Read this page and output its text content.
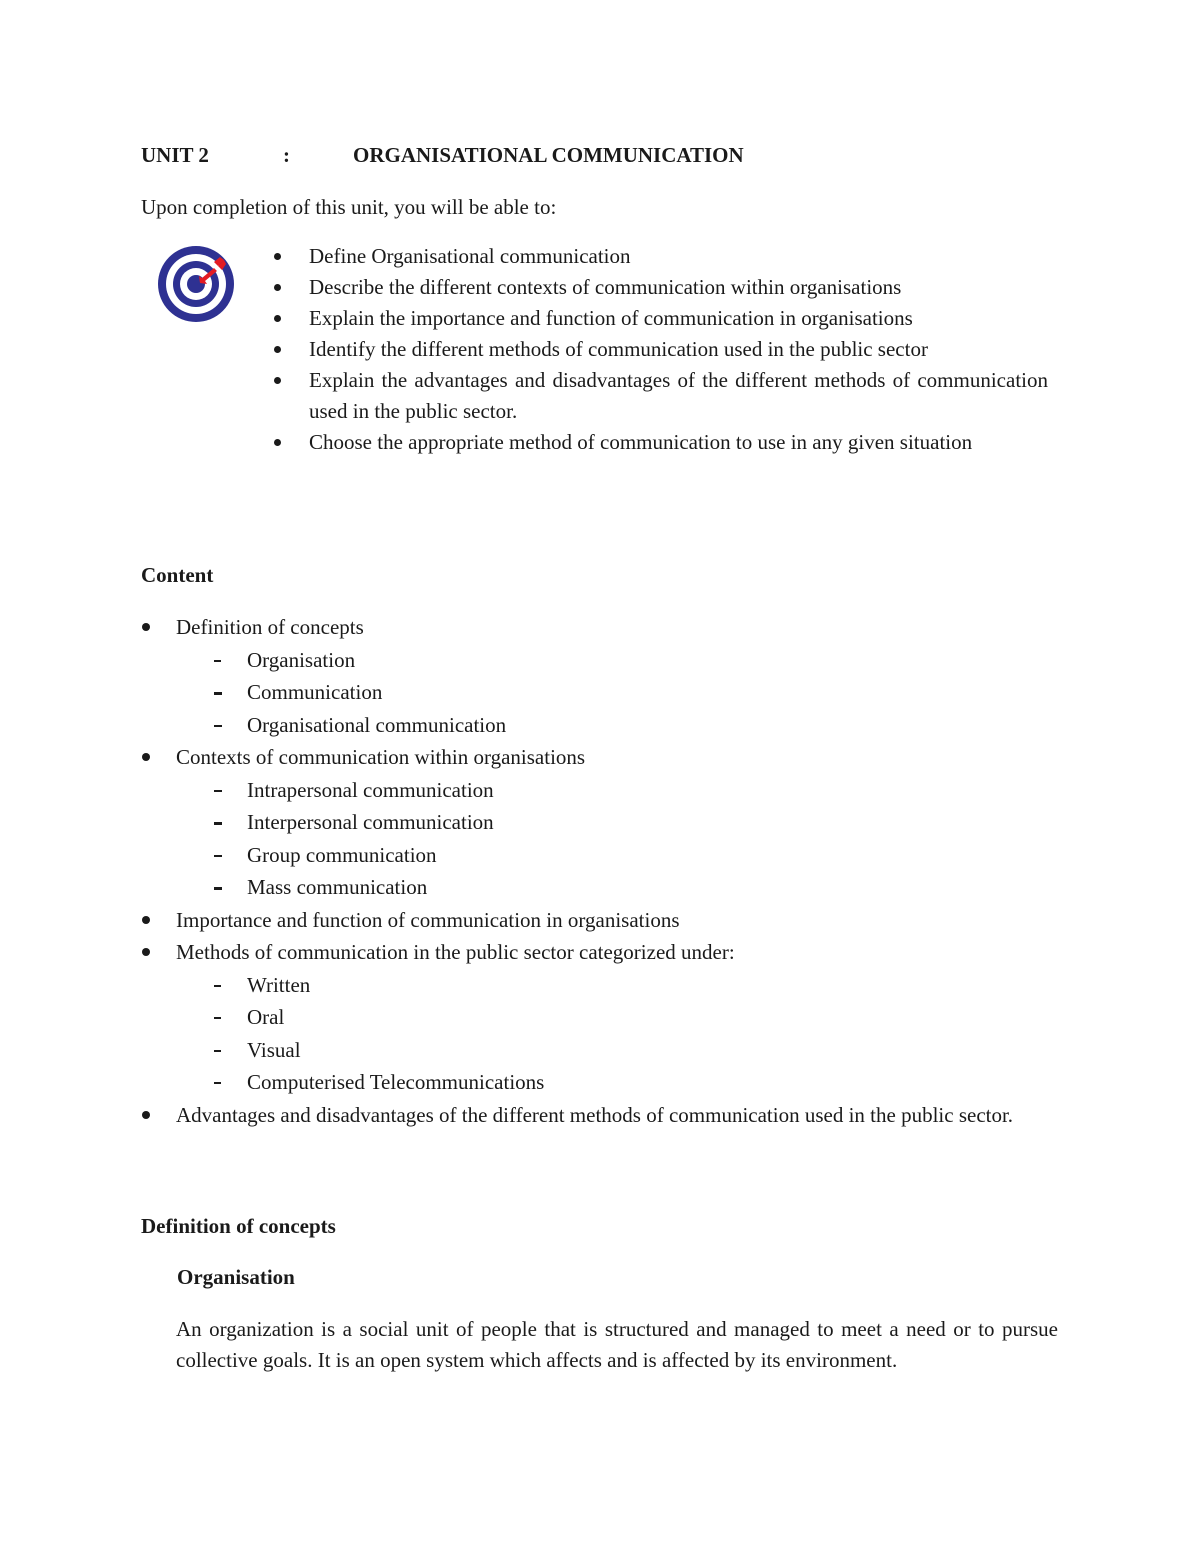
UNIT 2	:	ORGANISATIONAL COMMUNICATION
Upon completion of this unit, you will be able to:
Define Organisational communication
Describe the different contexts of communication within organisations
Explain the importance and function of communication in organisations
Identify the different methods of communication used in the public sector
Explain the advantages and disadvantages of the different methods of communication used in the public sector.
Choose the appropriate method of communication to use in any given situation
Content
Definition of concepts
Organisation
Communication
Organisational communication
Contexts of communication within organisations
Intrapersonal communication
Interpersonal communication
Group communication
Mass communication
Importance and function of communication in organisations
Methods of communication in the public sector categorized under:
Written
Oral
Visual
Computerised Telecommunications
Advantages and disadvantages of the different methods of communication used in the public sector.
Definition of concepts
Organisation

An organization is a social unit of people that is structured and managed to meet a need or to pursue collective goals. It is an open system which affects and is affected by its environment.
